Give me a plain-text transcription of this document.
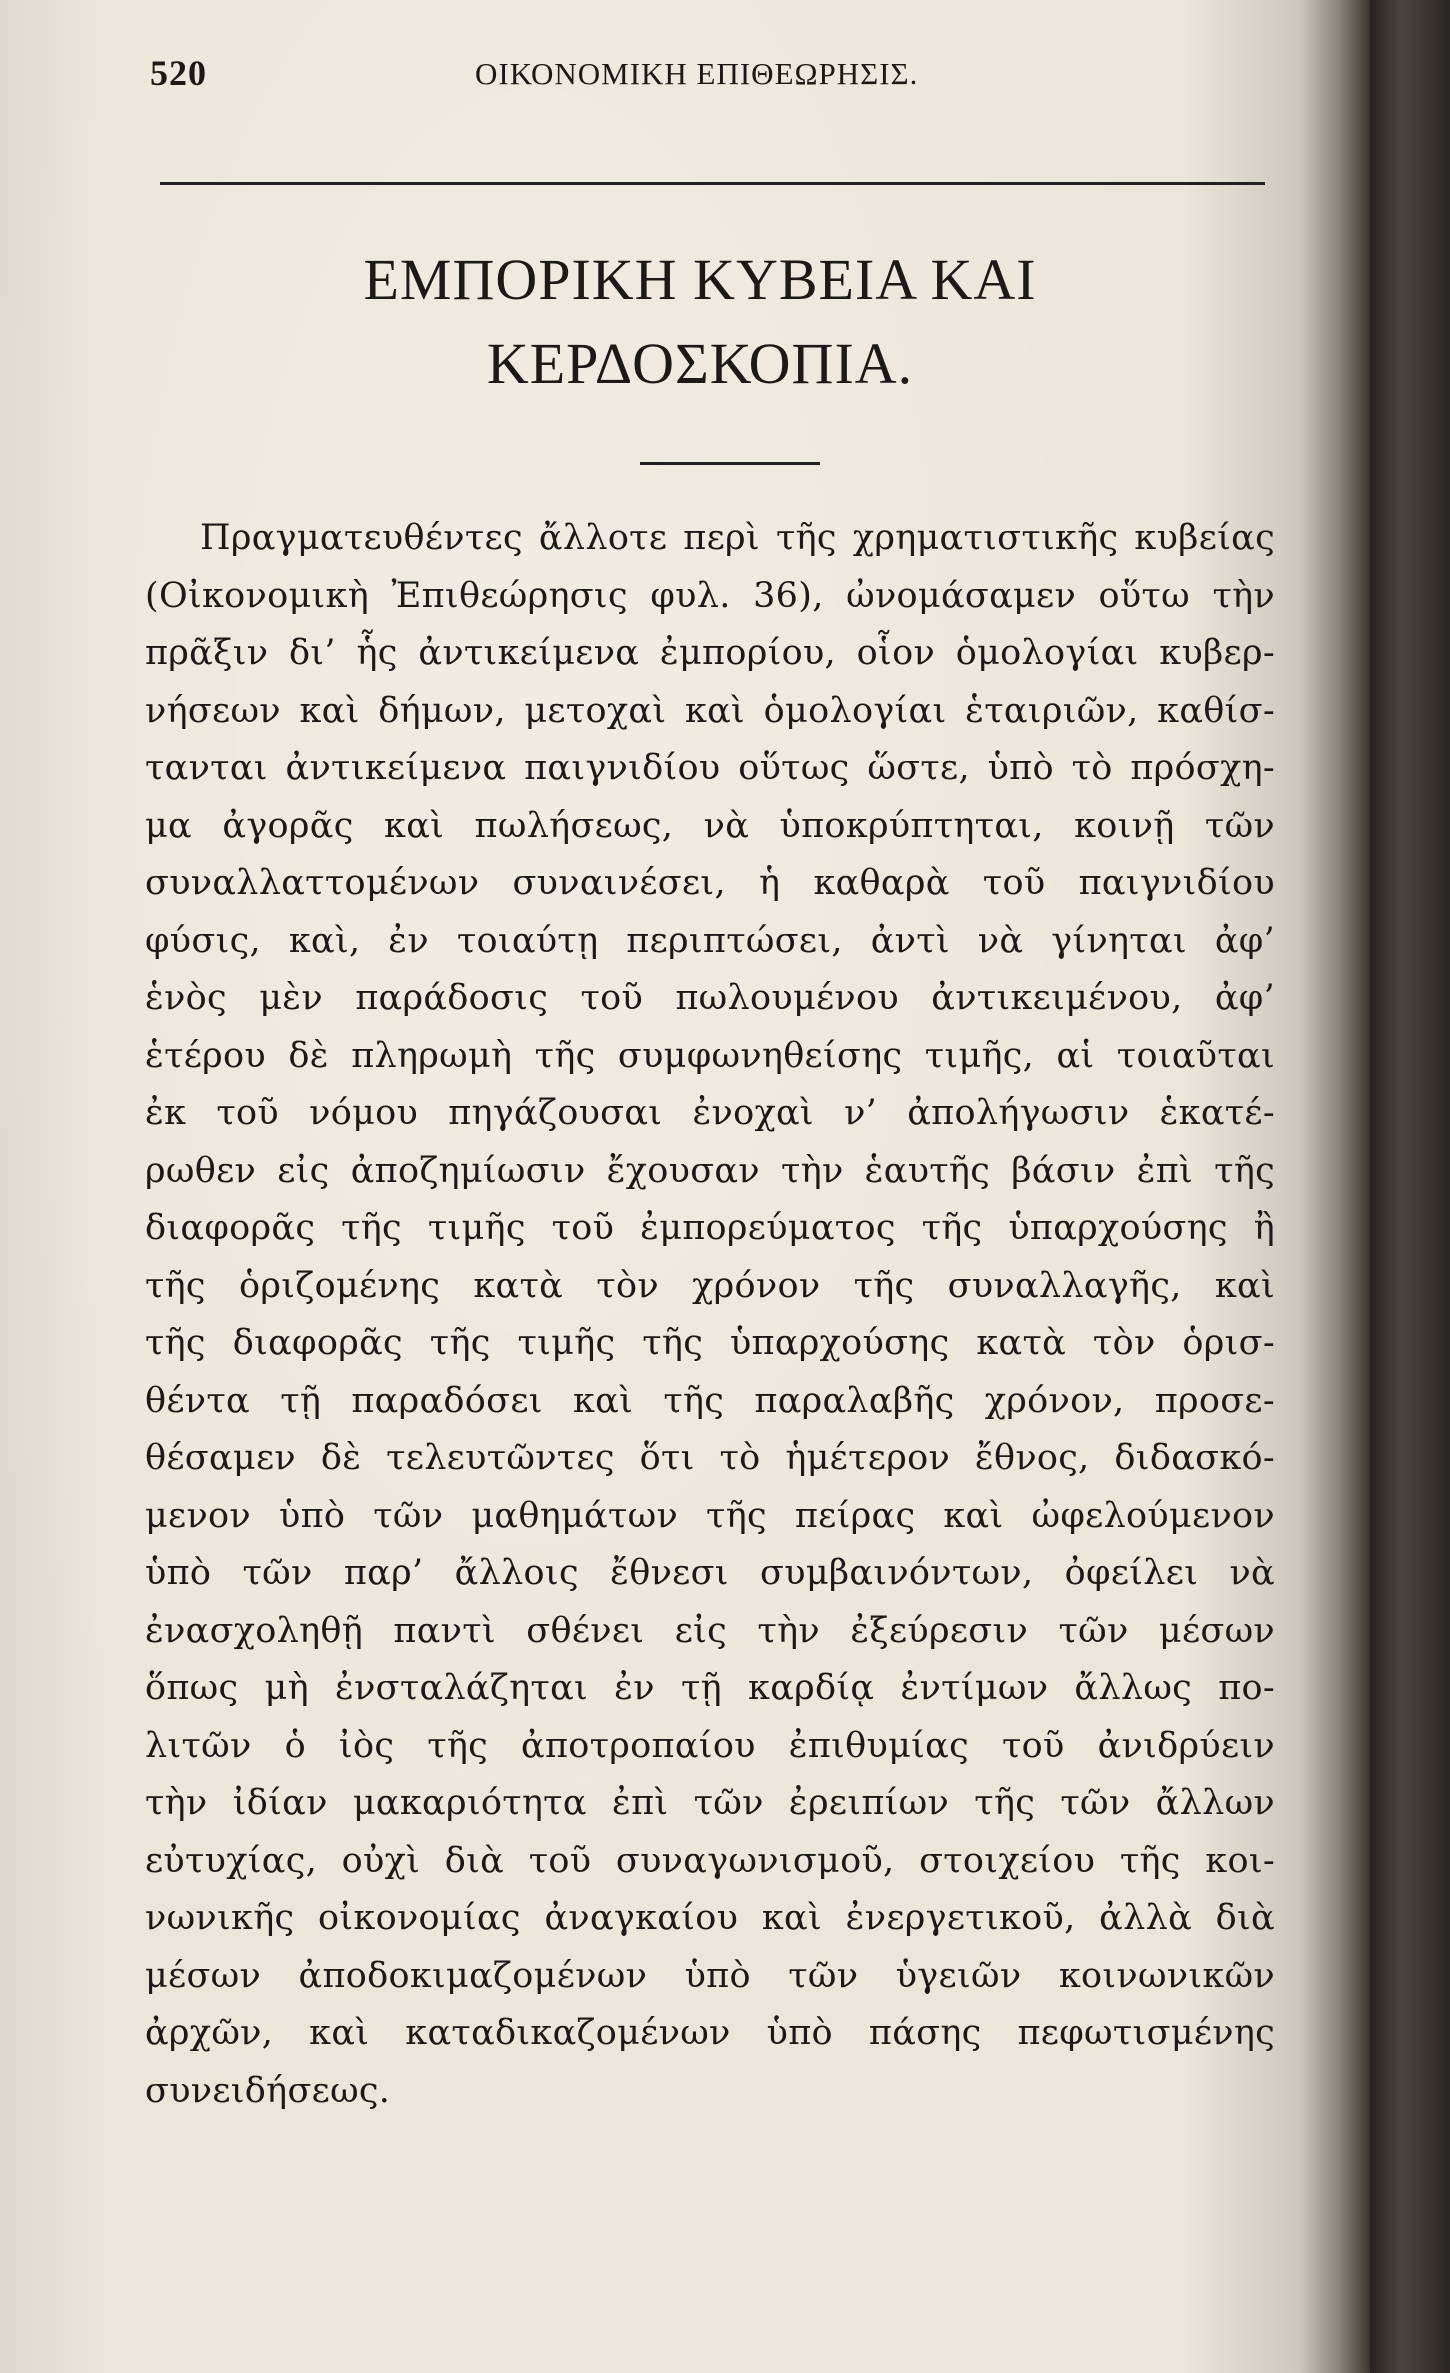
520	ΟΙΚΟΝΟΜΙΚΗ ΕΠΙΘΕΩΡΗΣΙΣ.
ΕΜΠΟΡΙΚΗ ΚΥΒΕΙΑ ΚΑΙ
ΚΕΡΔΟΣΚΟΠΙΑ.
Πραγματευθέντες ἄλλοτε περὶ τῆς χρηματιστικῆς κυβείας
(Οἰκονομικὴ Ἐπιθεώρησις φυλ. 36), ὠνομάσαμεν οὕτω τὴν
πρᾶξιν δι’ ἧς ἀντικείμενα ἐμπορίου, οἷον ὁμολογίαι κυβερ-
νήσεων καὶ δήμων, μετοχαὶ καὶ ὁμολογίαι ἑταιριῶν, καθίσ-
τανται ἀντικείμενα παιγνιδίου οὕτως ὥστε, ὑπὸ τὸ πρόσχη-
μα ἀγορᾶς καὶ πωλήσεως, νὰ ὑποκρύπτηται, κοινῇ τῶν
συναλλαττομένων συναινέσει, ἡ καθαρὰ τοῦ παιγνιδίου
φύσις, καὶ, ἐν τοιαύτῃ περιπτώσει, ἀντὶ νὰ γίνηται ἀφ’
ἑνὸς μὲν παράδοσις τοῦ πωλουμένου ἀντικειμένου, ἀφ’
ἑτέρου δὲ πληρωμὴ τῆς συμφωνηθείσης τιμῆς, αἱ τοιαῦται
ἐκ τοῦ νόμου πηγάζουσαι ἐνοχαὶ ν’ ἀπολήγωσιν ἑκατέ-
ρωθεν εἰς ἀποζημίωσιν ἔχουσαν τὴν ἑαυτῆς βάσιν ἐπὶ τῆς
διαφορᾶς τῆς τιμῆς τοῦ ἐμπορεύματος τῆς ὑπαρχούσης ἢ
τῆς ὁριζομένης κατὰ τὸν χρόνον τῆς συναλλαγῆς, καὶ
τῆς διαφορᾶς τῆς τιμῆς τῆς ὑπαρχούσης κατὰ τὸν ὁρισ-
θέντα τῇ παραδόσει καὶ τῆς παραλαβῆς χρόνον, προσε-
θέσαμεν δὲ τελευτῶντες ὅτι τὸ ἡμέτερον ἔθνος, διδασκό-
μενον ὑπὸ τῶν μαθημάτων τῆς πείρας καὶ ὠφελούμενον
ὑπὸ τῶν παρ’ ἄλλοις ἔθνεσι συμβαινόντων, ὀφείλει νὰ
ἐνασχοληθῇ παντὶ σθένει εἰς τὴν ἐξεύρεσιν τῶν μέσων
ὅπως μὴ ἐνσταλάζηται ἐν τῇ καρδίᾳ ἐντίμων ἄλλως πο-
λιτῶν ὁ ἰὸς τῆς ἀποτροπαίου ἐπιθυμίας τοῦ ἀνιδρύειν
τὴν ἰδίαν μακαριότητα ἐπὶ τῶν ἐρειπίων τῆς τῶν ἄλλων
εὐτυχίας, οὐχὶ διὰ τοῦ συναγωνισμοῦ, στοιχείου τῆς κοι-
νωνικῆς οἰκονομίας ἀναγκαίου καὶ ἐνεργετικοῦ, ἀλλὰ διὰ
μέσων ἀποδοκιμαζομένων ὑπὸ τῶν ὑγειῶν κοινωνικῶν
ἀρχῶν, καὶ καταδικαζομένων ὑπὸ πάσης πεφωτισμένης
συνειδήσεως.
